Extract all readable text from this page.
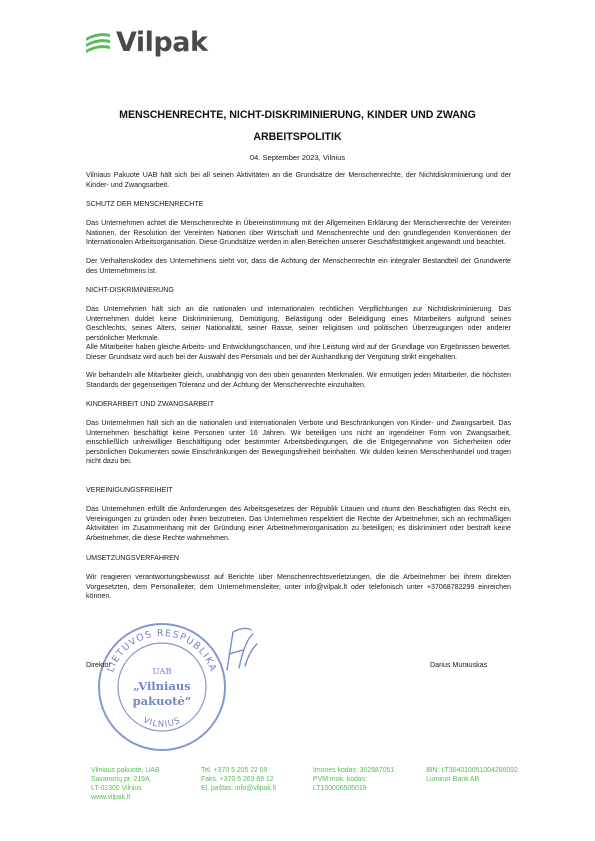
Vilpak
MENSCHENRECHTE, NICHT-DISKRIMINIERUNG, KINDER UND ZWANG
ARBEITSPOLITIK
04. September 2023, Vilnius
Vilniaus Pakuotė UAB hält sich bei all seinen Aktivitäten an die Grundsätze der Menschenrechte, der Nichtdiskriminierung und der Kinder- und Zwangsarbeit.
SCHUTZ DER MENSCHENRECHTE
Das Unternehmen achtet die Menschenrechte in Übereinstimmung mit der Allgemeinen Erklärung der Menschenrechte der Vereinten Nationen, der Resolution der Vereinten Nationen über Wirtschaft und Menschenrechte und den grundlegenden Konventionen der Internationalen Arbeitsorganisation. Diese Grundsätze werden in allen Bereichen unserer Geschäftstätigkeit angewandt und beachtet.
Der Verhaltenskodex des Unternehmens sieht vor, dass die Achtung der Menschenrechte ein integraler Bestandteil der Grundwerte des Unternehmens ist.
NICHT-DISKRIMINIERUNG
Das Unternehmen hält sich an die nationalen und internationalen rechtlichen Verpflichtungen zur Nichtdiskriminierung. Das Unternehmen duldet keine Diskriminierung, Demütigung, Belästigung oder Beleidigung eines Mitarbeiters aufgrund seines Geschlechts, seines Alters, seiner Nationalität, seiner Rasse, seiner religiösen und politischen Überzeugungen oder anderer persönlicher Merkmale.
Alle Mitarbeiter haben gleiche Arbeits- und Entwicklungschancen, und ihre Leistung wird auf der Grundlage von Ergebnissen bewertet. Dieser Grundsatz wird auch bei der Auswahl des Personals und bei der Aushandlung der Vergütung strikt eingehalten.
Wir behandeln alle Mitarbeiter gleich, unabhängig von den oben genannten Merkmalen. Wir ermutigen jeden Mitarbeiter, die höchsten Standards der gegenseitigen Toleranz und der Achtung der Menschenrechte einzuhalten.
KINDERARBEIT UND ZWANGSARBEIT
Das Unternehmen hält sich an die nationalen und internationalen Verbote und Beschränkungen von Kinder- und Zwangsarbeit. Das Unternehmen beschäftigt keine Personen unter 16 Jahren. Wir beteiligen uns nicht an irgendeiner Form von Zwangsarbeit, einschließlich unfreiwilliger Beschäftigung oder bestimmter Arbeitsbedingungen, die die Entgegennahme von Sicherheiten oder persönlichen Dokumenten sowie Einschränkungen der Bewegungsfreiheit beinhalten. Wir dulden keinen Menschenhandel und tragen nicht dazu bei.
VEREINIGUNGSFREIHEIT
Das Unternehmen erfüllt die Anforderungen des Arbeitsgesetzes der Republik Litauen und räumt den Beschäftigten das Recht ein, Vereinigungen zu gründen oder ihnen beizutreten. Das Unternehmen respektiert die Rechte der Arbeitnehmer, sich an rechtmäßigen Aktivitäten im Zusammenhang mit der Gründung einer Arbeitnehmerorganisation zu beteiligen; es diskriminiert oder bestraft keine Arbeitnehmer, die diese Rechte wahrnehmen.
UMSETZUNGSVERFAHREN
Wir reagieren verantwortungsbewusst auf Berichte über Menschenrechtsverletzungen, die die Arbeitnehmer bei ihrem direkten Vorgesetzten, dem Personalleiter, dem Unternehmensleiter, unter info@vilpak.lt oder telefonisch unter +37068782299 einreichen können.
LIETUVOS RESPUBLIKA
VILNIUS
UAB
„Vilniaus
pakuotė“
Direktor	Darius Murauskas
Vilniaus pakuotė, UAB
Savanorių pr. 219A,
LT-02300 Vilnius
www.vilpak.lt
Tel. +370 5 205 22 09
Faks. +370 5 263 69 12
El. paštas: info@vilpak.lt
Imonės kodas: 302687051
PVM mok. kodas:
LT100006505019
IBN: LT304010051004286092
Luminor Bank AB
